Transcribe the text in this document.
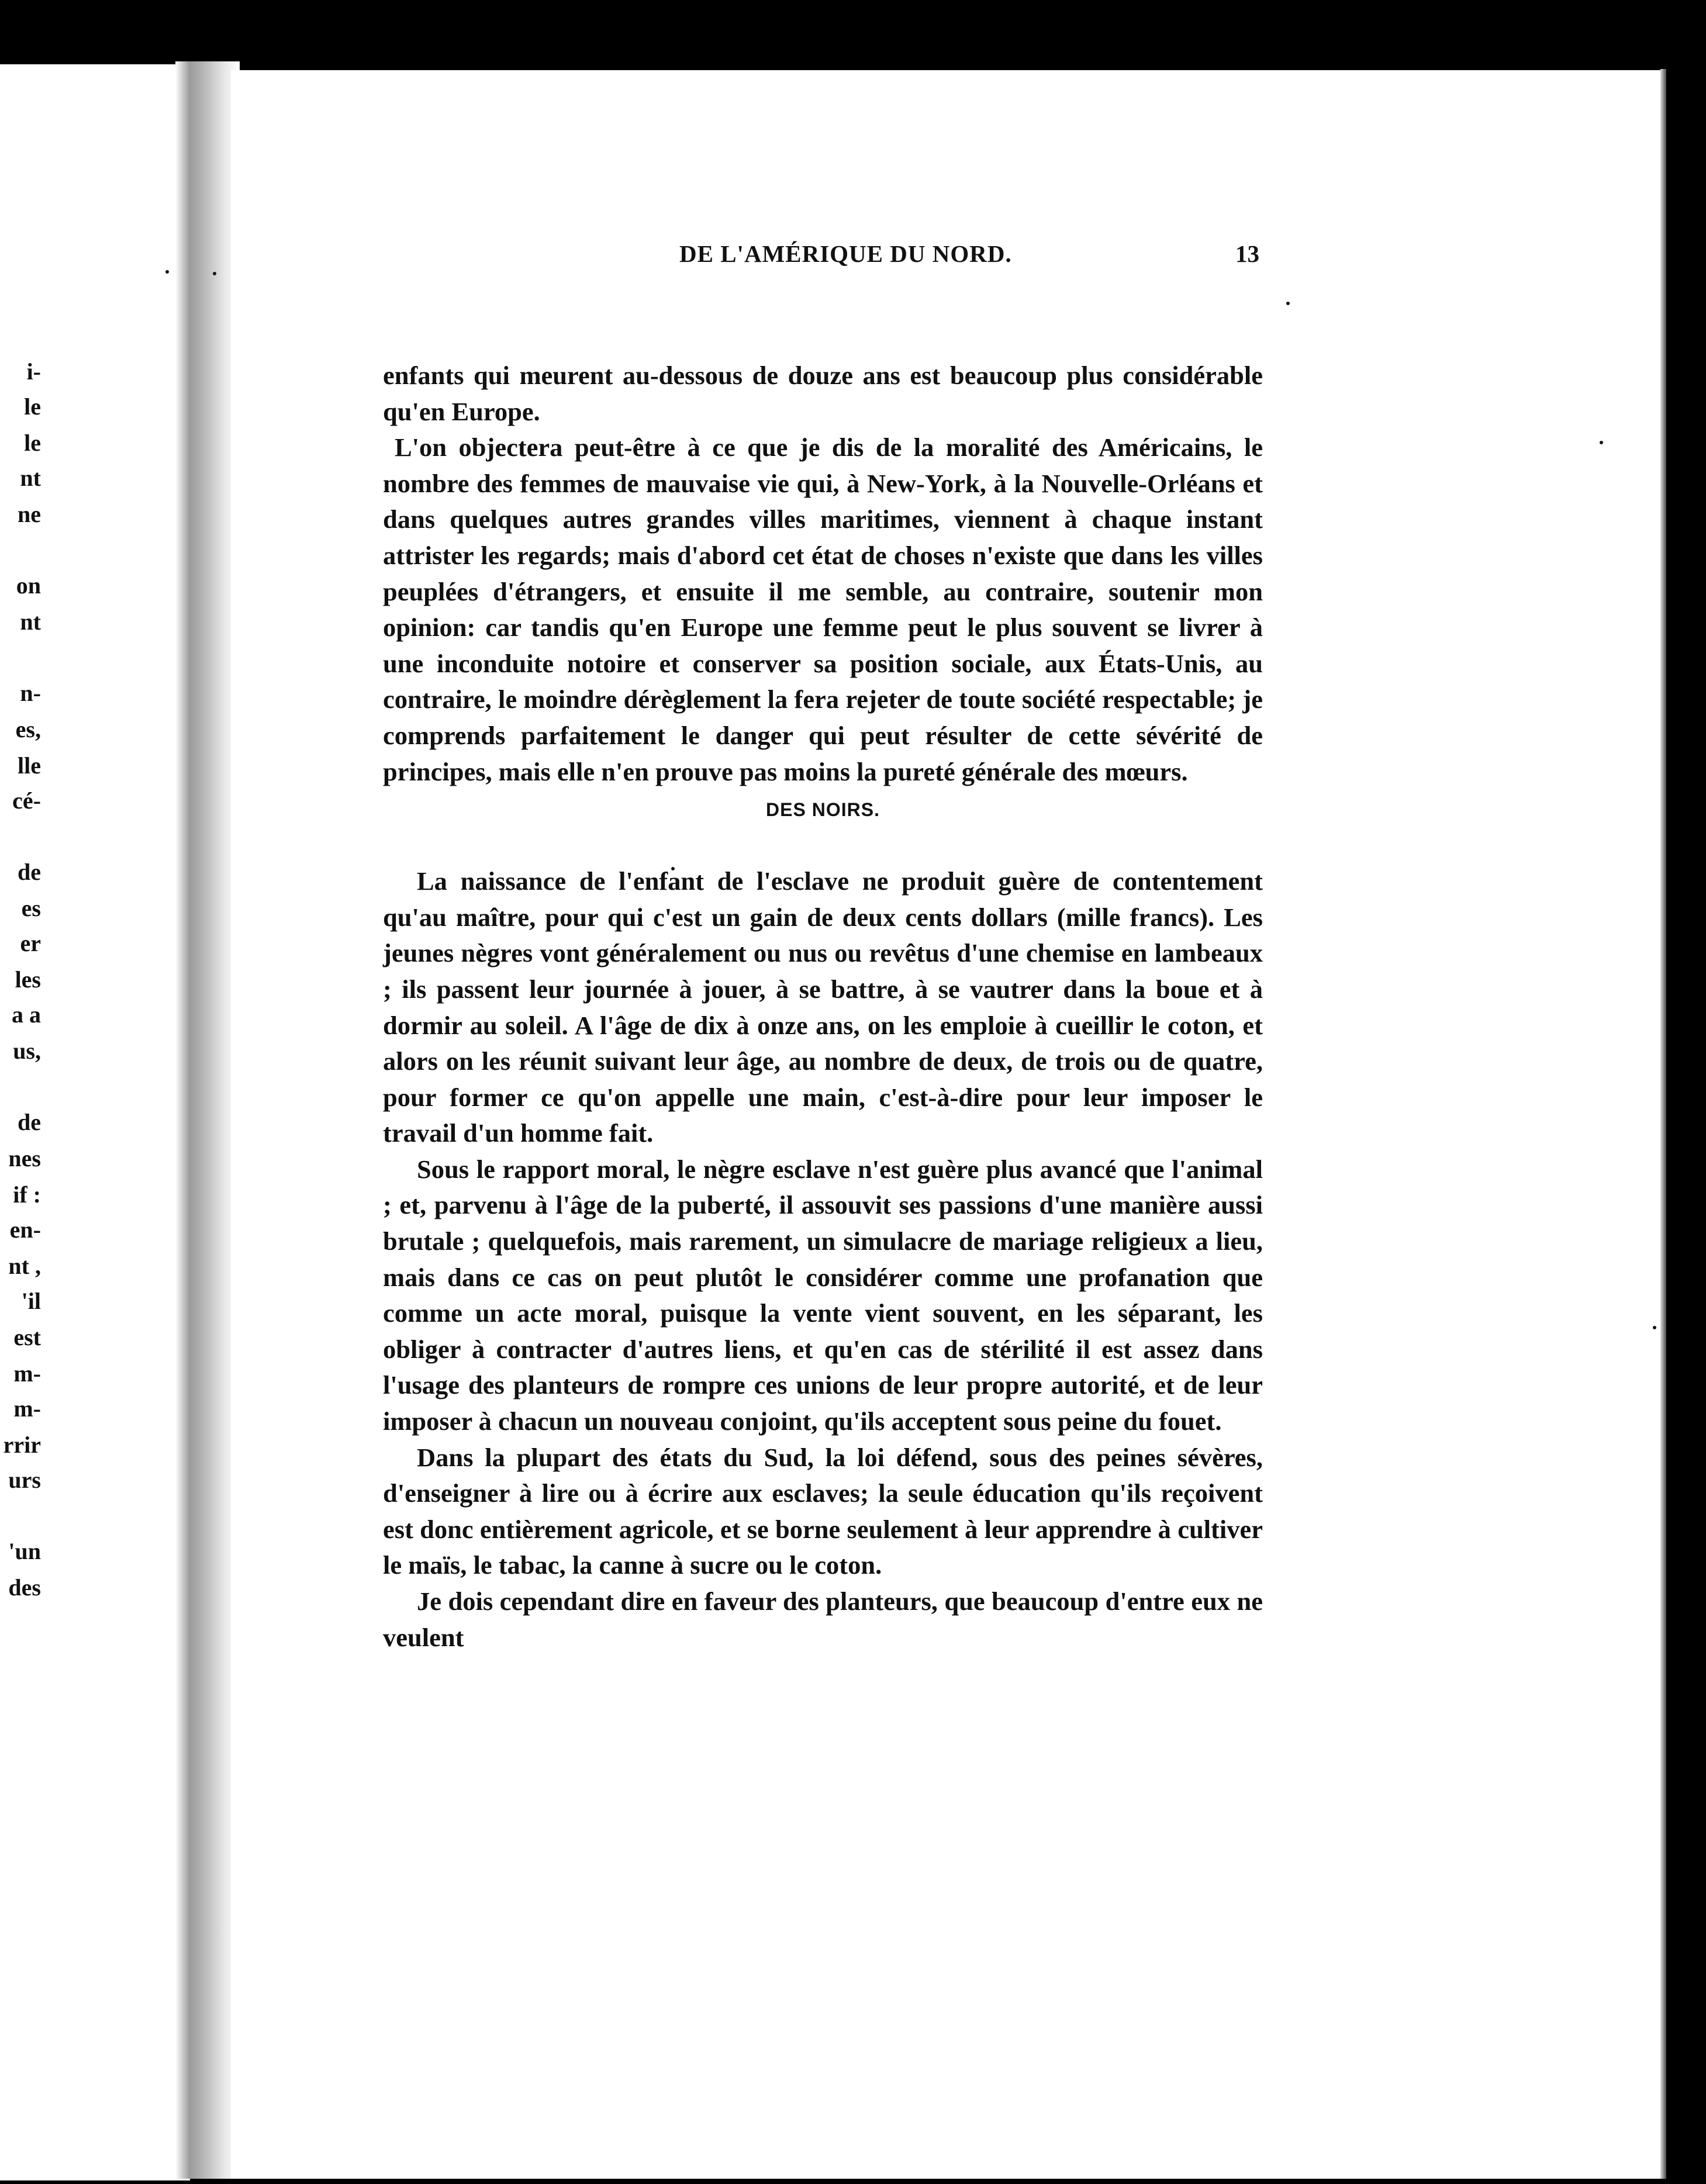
i-
le
le
nt
ne
on
nt
n-
es,
lle
cé-
de
es
er
les
a a
us,
de
nes
if :
en-
nt ,
'il
est
m-
m-
rrir
urs
'un
des
DE L'AMÉRIQUE DU NORD.	13

enfants qui meurent au-dessous de douze ans est beaucoup plus considérable qu'en Europe.

L'on objectera peut-être à ce que je dis de la moralité des Américains, le nombre des femmes de mauvaise vie qui, à New-York, à la Nouvelle-Orléans et dans quelques autres grandes villes maritimes, viennent à chaque instant attrister les regards; mais d'abord cet état de choses n'existe que dans les villes peuplées d'étrangers, et ensuite il me semble, au contraire, soutenir mon opinion: car tandis qu'en Europe une femme peut le plus souvent se livrer à une inconduite notoire et conserver sa position sociale, aux États-Unis, au contraire, le moindre dérèglement la fera rejeter de toute société respectable; je comprends parfaitement le danger qui peut résulter de cette sévérité de principes, mais elle n'en prouve pas moins la pureté générale des mœurs.

DES NOIRS.

La naissance de l'enfant de l'esclave ne produit guère de contentement qu'au maître, pour qui c'est un gain de deux cents dollars (mille francs). Les jeunes nègres vont généralement ou nus ou revêtus d'une chemise en lambeaux ; ils passent leur journée à jouer, à se battre, à se vautrer dans la boue et à dormir au soleil. A l'âge de dix à onze ans, on les emploie à cueillir le coton, et alors on les réunit suivant leur âge, au nombre de deux, de trois ou de quatre, pour former ce qu'on appelle une main, c'est-à-dire pour leur imposer le travail d'un homme fait.

Sous le rapport moral, le nègre esclave n'est guère plus avancé que l'animal ; et, parvenu à l'âge de la puberté, il assouvit ses passions d'une manière aussi brutale ; quelquefois, mais rarement, un simulacre de mariage religieux a lieu, mais dans ce cas on peut plutôt le considérer comme une profanation que comme un acte moral, puisque la vente vient souvent, en les séparant, les obliger à contracter d'autres liens, et qu'en cas de stérilité il est assez dans l'usage des planteurs de rompre ces unions de leur propre autorité, et de leur imposer à chacun un nouveau conjoint, qu'ils acceptent sous peine du fouet.

Dans la plupart des états du Sud, la loi défend, sous des peines sévères, d'enseigner à lire ou à écrire aux esclaves; la seule éducation qu'ils reçoivent est donc entièrement agricole, et se borne seulement à leur apprendre à cultiver le maïs, le tabac, la canne à sucre ou le coton.

Je dois cependant dire en faveur des planteurs, que beaucoup d'entre eux ne veulent
